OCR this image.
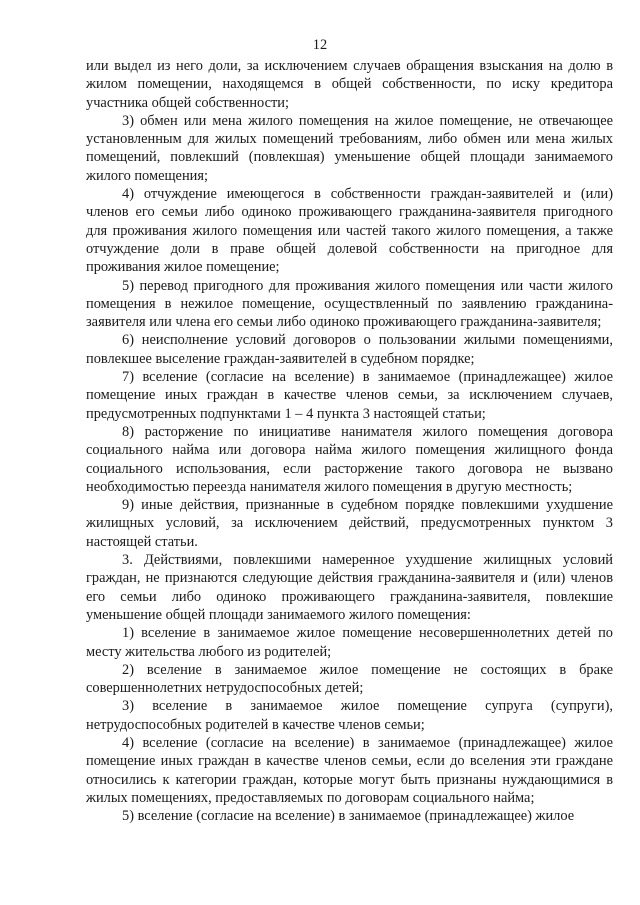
12

или выдел из него доли, за исключением случаев обращения взыскания на долю в жилом помещении, находящемся в общей собственности, по иску кредитора участника общей собственности;

3) обмен или мена жилого помещения на жилое помещение, не отвечающее установленным для жилых помещений требованиям, либо обмен или мена жилых помещений, повлекший (повлекшая) уменьшение общей площади занимаемого жилого помещения;

4) отчуждение имеющегося в собственности граждан-заявителей и (или) членов его семьи либо одиноко проживающего гражданина-заявителя пригодного для проживания жилого помещения или частей такого жилого помещения, а также отчуждение доли в праве общей долевой собственности на пригодное для проживания жилое помещение;

5) перевод пригодного для проживания жилого помещения или части жилого помещения в нежилое помещение, осуществленный по заявлению гражданина-заявителя или члена его семьи либо одиноко проживающего гражданина-заявителя;

6) неисполнение условий договоров о пользовании жилыми помещениями, повлекшее выселение граждан-заявителей в судебном порядке;

7) вселение (согласие на вселение) в занимаемое (принадлежащее) жилое помещение иных граждан в качестве членов семьи, за исключением случаев, предусмотренных подпунктами 1 – 4 пункта 3 настоящей статьи;

8) расторжение по инициативе нанимателя жилого помещения договора социального найма или договора найма жилого помещения жилищного фонда социального использования, если расторжение такого договора не вызвано необходимостью переезда нанимателя жилого помещения в другую местность;

9) иные действия, признанные в судебном порядке повлекшими ухудшение жилищных условий, за исключением действий, предусмотренных пунктом 3 настоящей статьи.

3. Действиями, повлекшими намеренное ухудшение жилищных условий граждан, не признаются следующие действия гражданина-заявителя и (или) членов его семьи либо одиноко проживающего гражданина-заявителя, повлекшие уменьшение общей площади занимаемого жилого помещения:

1) вселение в занимаемое жилое помещение несовершеннолетних детей по месту жительства любого из родителей;

2) вселение в занимаемое жилое помещение не состоящих в браке совершеннолетних нетрудоспособных детей;

3) вселение в занимаемое жилое помещение супруга (супруги), нетрудоспособных родителей в качестве членов семьи;

4) вселение (согласие на вселение) в занимаемое (принадлежащее) жилое помещение иных граждан в качестве членов семьи, если до вселения эти граждане относились к категории граждан, которые могут быть признаны нуждающимися в жилых помещениях, предоставляемых по договорам социального найма;

5) вселение (согласие на вселение) в занимаемое (принадлежащее) жилое
